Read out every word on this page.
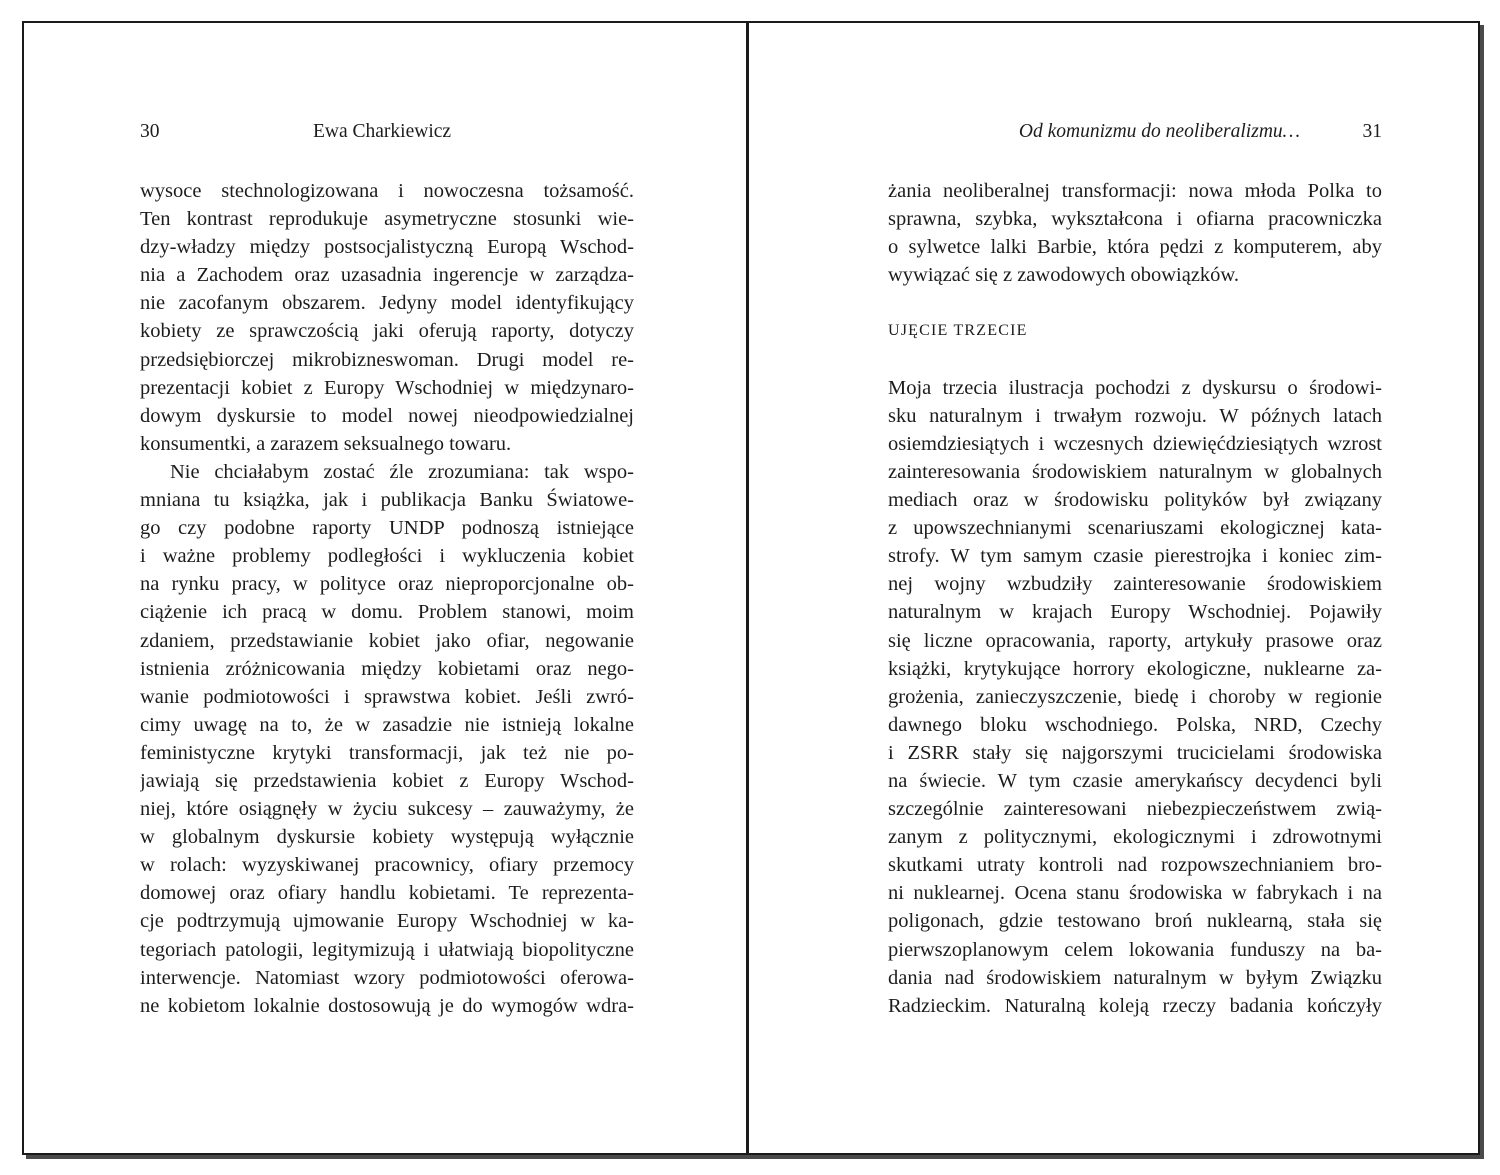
30	Ewa Charkiewicz
wysoce stechnologizowana i nowoczesna tożsamość.
Ten kontrast reprodukuje asymetryczne stosunki wie-
dzy-władzy między postsocjalistyczną Europą Wschod-
nia a Zachodem oraz uzasadnia ingerencje w zarządza-
nie zacofanym obszarem. Jedyny model identyfikujący
kobiety ze sprawczością jaki oferują raporty, dotyczy
przedsiębiorczej mikrobizneswoman. Drugi model re-
prezentacji kobiet z Europy Wschodniej w międzynaro-
dowym dyskursie to model nowej nieodpowiedzialnej
konsumentki, a zarazem seksualnego towaru.
Nie chciałabym zostać źle zrozumiana: tak wspo-
mniana tu książka, jak i publikacja Banku Światowe-
go czy podobne raporty UNDP podnoszą istniejące
i ważne problemy podległości i wykluczenia kobiet
na rynku pracy, w polityce oraz nieproporcjonalne ob-
ciążenie ich pracą w domu. Problem stanowi, moim
zdaniem, przedstawianie kobiet jako ofiar, negowanie
istnienia zróżnicowania między kobietami oraz nego-
wanie podmiotowości i sprawstwa kobiet. Jeśli zwró-
cimy uwagę na to, że w zasadzie nie istnieją lokalne
feministyczne krytyki transformacji, jak też nie po-
jawiają się przedstawienia kobiet z Europy Wschod-
niej, które osiągnęły w życiu sukcesy – zauważymy, że
w globalnym dyskursie kobiety występują wyłącznie
w rolach: wyzyskiwanej pracownicy, ofiary przemocy
domowej oraz ofiary handlu kobietami. Te reprezenta-
cje podtrzymują ujmowanie Europy Wschodniej w ka-
tegoriach patologii, legitymizują i ułatwiają biopolityczne
interwencje. Natomiast wzory podmiotowości oferowa-
ne kobietom lokalnie dostosowują je do wymogów wdra-
Od komunizmu do neoliberalizmu…	31
żania neoliberalnej transformacji: nowa młoda Polka to
sprawna, szybka, wykształcona i ofiarna pracowniczka
o sylwetce lalki Barbie, która pędzi z komputerem, aby
wywiązać się z zawodowych obowiązków.
UJĘCIE TRZECIE
Moja trzecia ilustracja pochodzi z dyskursu o środowi-
sku naturalnym i trwałym rozwoju. W późnych latach
osiemdziesiątych i wczesnych dziewięćdziesiątych wzrost
zainteresowania środowiskiem naturalnym w globalnych
mediach oraz w środowisku polityków był związany
z upowszechnianymi scenariuszami ekologicznej kata-
strofy. W tym samym czasie pierestrojka i koniec zim-
nej wojny wzbudziły zainteresowanie środowiskiem
naturalnym w krajach Europy Wschodniej. Pojawiły
się liczne opracowania, raporty, artykuły prasowe oraz
książki, krytykujące horrory ekologiczne, nuklearne za-
grożenia, zanieczyszczenie, biedę i choroby w regionie
dawnego bloku wschodniego. Polska, NRD, Czechy
i ZSRR stały się najgorszymi trucicielami środowiska
na świecie. W tym czasie amerykańscy decydenci byli
szczególnie zainteresowani niebezpieczeństwem zwią-
zanym z politycznymi, ekologicznymi i zdrowotnymi
skutkami utraty kontroli nad rozpowszechnianiem bro-
ni nuklearnej. Ocena stanu środowiska w fabrykach i na
poligonach, gdzie testowano broń nuklearną, stała się
pierwszoplanowym celem lokowania funduszy na ba-
dania nad środowiskiem naturalnym w byłym Związku
Radzieckim. Naturalną koleją rzeczy badania kończyły
